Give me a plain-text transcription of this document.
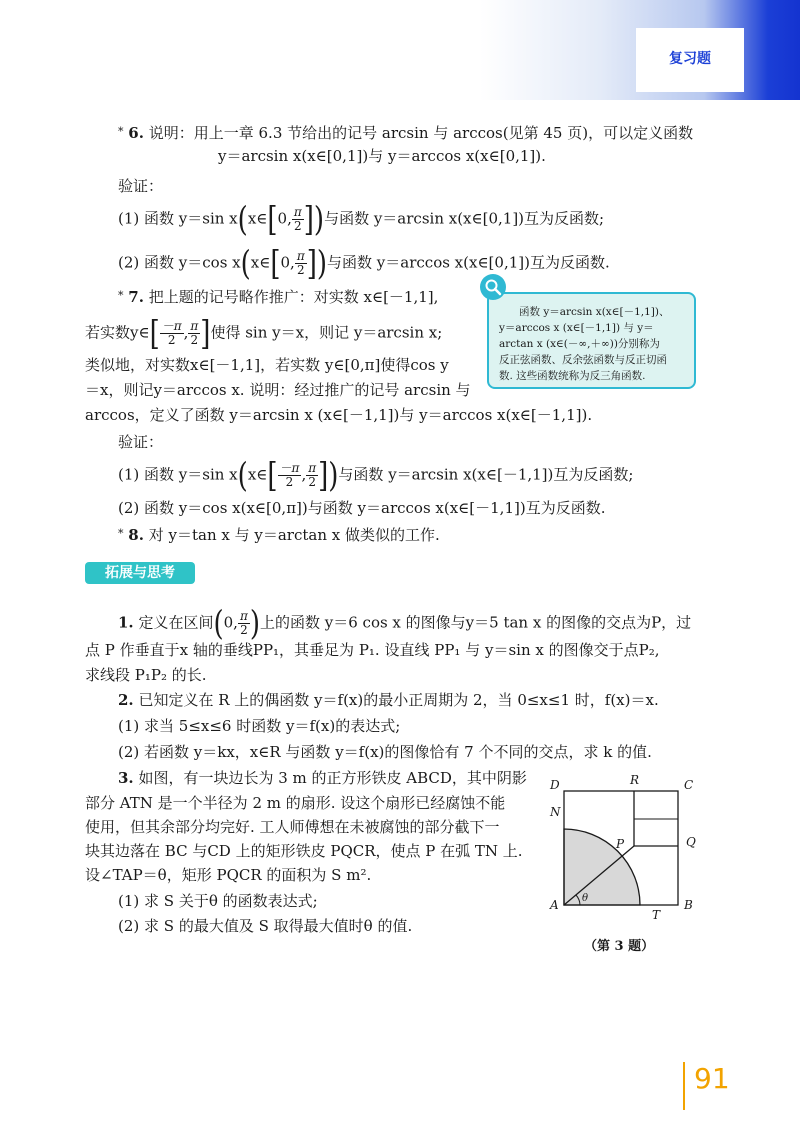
复习题
* 6. 说明：用上一章 6.3 节给出的记号 arcsin 与 arccos(见第 45 页)，可以定义函数
y＝arcsin x(x∈[0,1])与 y＝arccos x(x∈[0,1]).
验证：
(1) 函数 y＝sin x(x∈[0, $\frac{\pi}{2}$ ])与函数 y＝arcsin x(x∈[0,1])互为反函数;
(2) 函数 y＝cos x(x∈[0, $\frac{\pi}{2}$ ])与函数 y＝arccos x(x∈[0,1])互为反函数.
* 7. 把上题的记号略作推广：对实数 x∈[－1,1],
若实数y∈[ $\frac{-\pi}{2}$ , $\frac{\pi}{2}$ ]使得 sin y＝x，则记 y＝arcsin x;
类似地，对实数x∈[－1,1]，若实数 y∈[0,π]使得cos y
＝x，则记y＝arccos x. 说明：经过推广的记号 arcsin 与
arccos，定义了函数 y＝arcsin x (x∈[－1,1])与 y＝arccos x(x∈[－1,1]).
验证：
(1) 函数 y＝sin x(x∈[ $\frac{-\pi}{2}$ , $\frac{\pi}{2}$ ])与函数 y＝arcsin x(x∈[－1,1])互为反函数;
(2) 函数 y＝cos x(x∈[0,π])与函数 y＝arccos x(x∈[－1,1])互为反函数.
* 8. 对 y＝tan x 与 y＝arctan x 做类似的工作.
函数 y＝arcsin x(x∈[－1,1])、
y＝arccos x (x∈[－1,1]) 与 y＝
arctan x (x∈(－∞,＋∞))分别称为
反正弦函数、反余弦函数与反正切函
数. 这些函数统称为反三角函数.
拓展与思考
1. 定义在区间(0, $\frac{\pi}{2}$ )上的函数 y＝6 cos x 的图像与y＝5 tan x 的图像的交点为P，过
点 P 作垂直于x 轴的垂线PP₁，其垂足为 P₁. 设直线 PP₁ 与 y＝sin x 的图像交于点P₂,
求线段 P₁P₂ 的长.
2. 已知定义在 R 上的偶函数 y＝f(x)的最小正周期为 2，当 0≤x≤1 时，f(x)＝x.
(1) 求当 5≤x≤6 时函数 y＝f(x)的表达式;
(2) 若函数 y＝kx，x∈R 与函数 y＝f(x)的图像恰有 7 个不同的交点，求 k 的值.
3. 如图，有一块边长为 3 m 的正方形铁皮 ABCD，其中阴影
部分 ATN 是一个半径为 2 m 的扇形. 设这个扇形已经腐蚀不能
使用，但其余部分均完好. 工人师傅想在未被腐蚀的部分截下一
块其边落在 BC 与CD 上的矩形铁皮 PQCR，使点 P 在弧 TN 上.
设∠TAP＝θ，矩形 PQCR 的面积为 S m².
(1) 求 S 关于θ 的函数表达式;
(2) 求 S 的最大值及 S 取得最大值时θ 的值.
A	B
C
D
N
R
Q
P
T
θ
（第 3 题）
91
